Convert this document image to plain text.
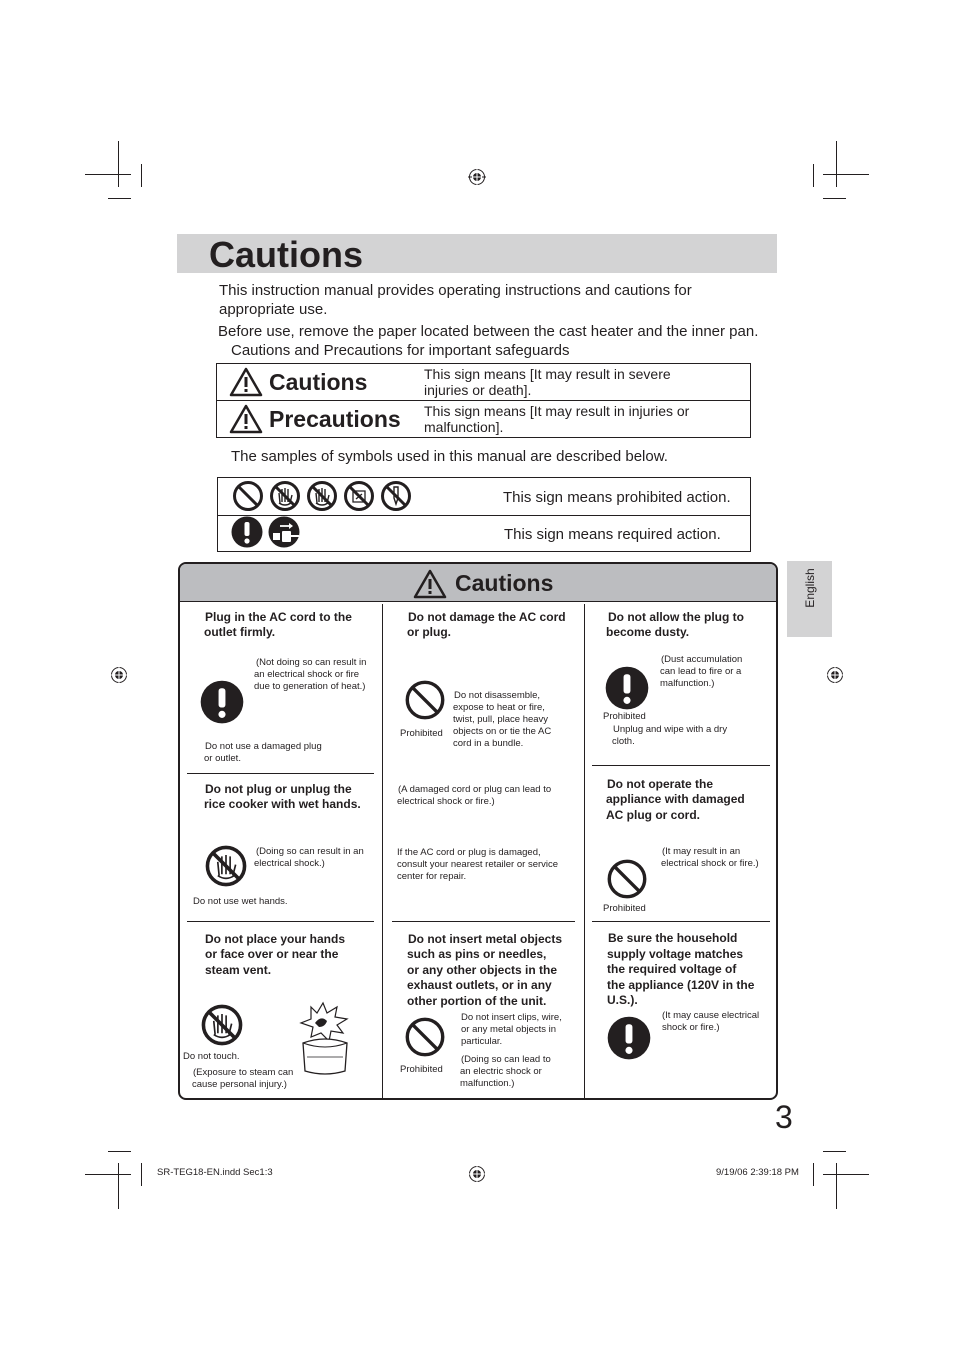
Cautions
This instruction manual provides operating instructions and cautions for
appropriate use.
Before use, remove the paper located between the cast heater and the inner pan.
Cautions and Precautions for important safeguards
Cautions	This sign means [It may result in severe
injuries or death].
Precautions This sign means [It may result in injuries or
malfunction].
The samples of symbols used in this manual are described below.
This sign means prohibited action.
This sign means required action.
English
Cautions
Plug in the AC cord to the
outlet firmly.
(Not doing so can result in
an electrical shock or fire
due to generation of heat.)
Do not use a damaged plug
or outlet.
Do not plug or unplug the
rice cooker with wet hands.
(Doing so can result in an
electrical shock.)
Do not use wet hands.
Do not place your hands
or face over or near the
steam vent.
Do not touch.
(Exposure to steam can
cause personal injury.)
Do not damage the AC cord
or plug.
Do not disassemble,
expose to heat or fire,
twist, pull, place heavy
Prohibited objects on or tie the AC
cord in a bundle.
(A damaged cord or plug can lead to
electrical shock or fire.)
If the AC cord or plug is damaged,
consult your nearest retailer or service
center for repair.
Do not insert metal objects
such as pins or needles,
or any other objects in the
exhaust outlets, or in any
other portion of the unit.
Do not insert clips, wire,
or any metal objects in
particular.
Prohibited
(Doing so can lead to
an electric shock or
malfunction.)
Do not allow the plug to
become dusty.
(Dust accumulation
can lead to fire or a
malfunction.)
Prohibited
Unplug and wipe with a dry
cloth.
Do not operate the
appliance with damaged
AC plug or cord.
(It may result in an
electrical shock or fire.)
Prohibited
Be sure the household
supply voltage matches
the required voltage of
the appliance (120V in the
U.S.).
(It may cause electrical
shock or fire.)
3
SR-TEG18-EN.indd Sec1:3	9/19/06 2:39:18 PM
